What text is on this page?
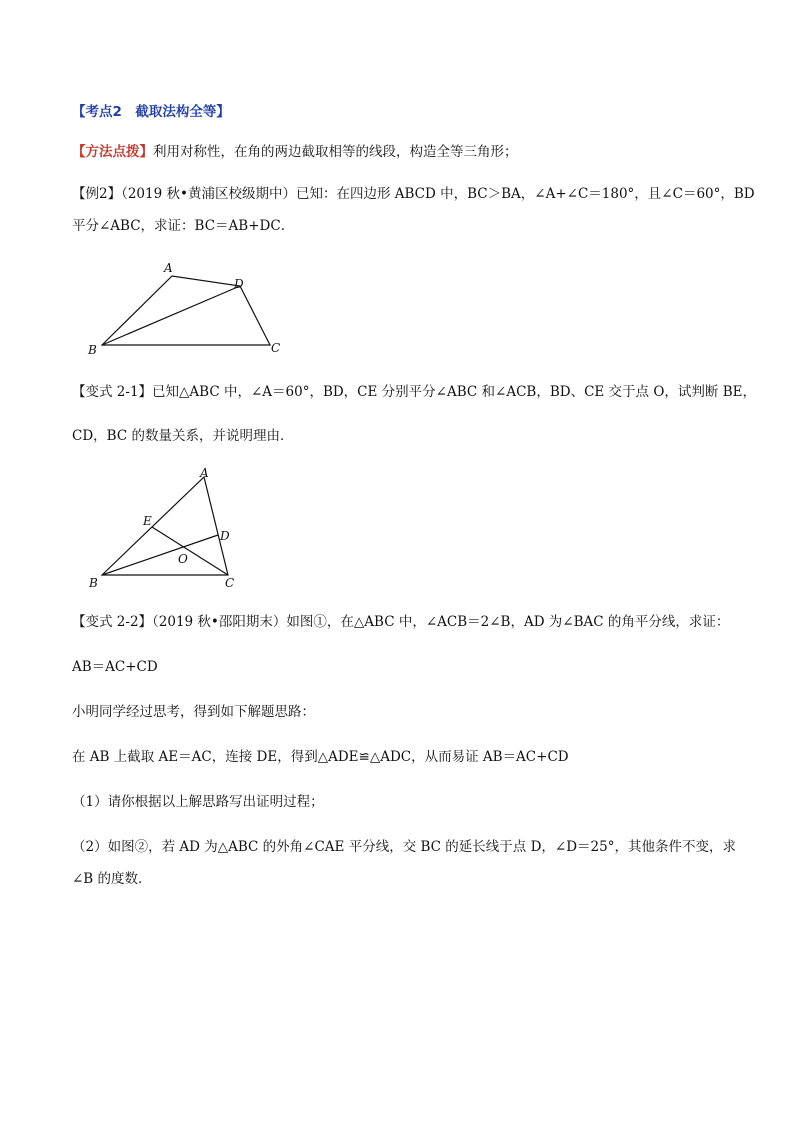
【考点2　截取法构全等】
【方法点拨】利用对称性，在角的两边截取相等的线段，构造全等三角形；
【例2】（2019 秋•黄浦区校级期中）已知：在四边形 ABCD 中，BC＞BA，∠A+∠C＝180°，且∠C＝60°，BD
平分∠ABC，求证：BC＝AB+DC．
A
B	C
D
【变式 2-1】已知△ABC 中，∠A＝60°，BD，CE 分别平分∠ABC 和∠ACB，BD、CE 交于点 O，试判断 BE，
CD，BC 的数量关系，并说明理由．
A
B	C
D
E
O
【变式 2-2】（2019 秋•邵阳期末）如图①，在△ABC 中，∠ACB＝2∠B，AD 为∠BAC 的角平分线，求证：
AB＝AC+CD
小明同学经过思考，得到如下解题思路：
在 AB 上截取 AE＝AC，连接 DE，得到△ADE≌△ADC，从而易证 AB＝AC+CD
（1）请你根据以上解思路写出证明过程；
（2）如图②，若 AD 为△ABC 的外角∠CAE 平分线，交 BC 的延长线于点 D，∠D＝25°，其他条件不变，求
∠B 的度数．
